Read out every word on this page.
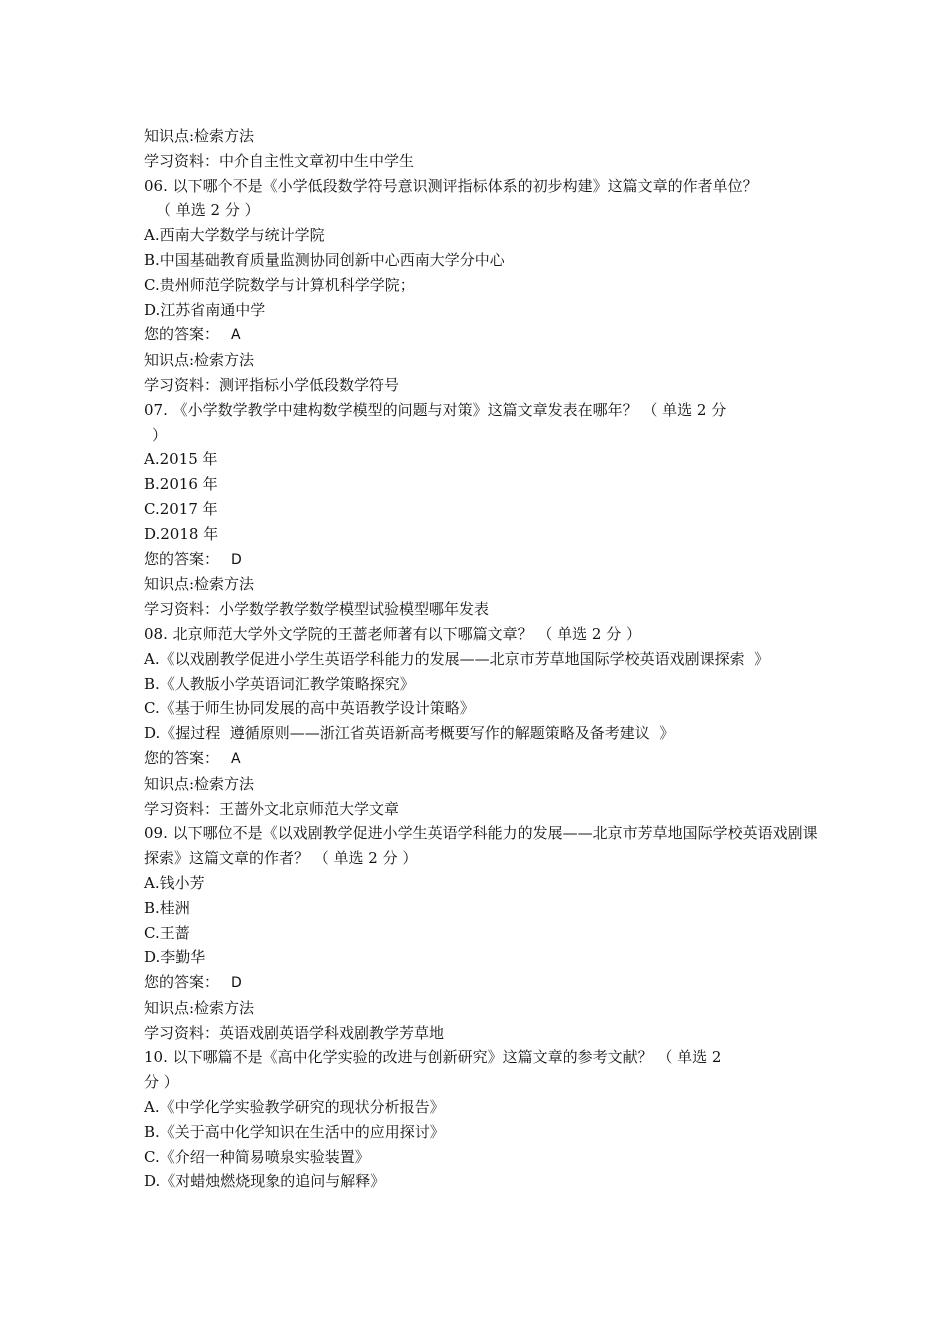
知识点:检索方法
学习资料：中介自主性文章初中生中学生
06. 以下哪个不是《小学低段数学符号意识测评指标体系的初步构建》这篇文章的作者单位？
（ 单选 2 分 ）
A.西南大学数学与统计学院
B.中国基础教育质量监测协同创新中心西南大学分中心
C.贵州师范学院数学与计算机科学学院；
D.江苏省南通中学
您的答案： A
知识点:检索方法
学习资料：测评指标小学低段数学符号
07. 《小学数学教学中建构数学模型的问题与对策》这篇文章发表在哪年？ （ 单选 2 分
）
A.2015 年
B.2016 年
C.2017 年
D.2018 年
您的答案： D
知识点:检索方法
学习资料：小学数学教学数学模型试验模型哪年发表
08. 北京师范大学外文学院的王蔷老师著有以下哪篇文章？ （ 单选 2 分 ）
A.《以戏剧教学促进小学生英语学科能力的发展——北京市芳草地国际学校英语戏剧课探索  》
B.《人教版小学英语词汇教学策略探究》
C.《基于师生协同发展的高中英语教学设计策略》
D.《握过程  遵循原则——浙江省英语新高考概要写作的解题策略及备考建议  》
您的答案： A
知识点:检索方法
学习资料：王蔷外文北京师范大学文章
09. 以下哪位不是《以戏剧教学促进小学生英语学科能力的发展——北京市芳草地国际学校英语戏剧课探索》这篇文章的作者？ （ 单选 2 分 ）
A.钱小芳
B.桂洲
C.王蔷
D.李勤华
您的答案： D
知识点:检索方法
学习资料：英语戏剧英语学科戏剧教学芳草地
10. 以下哪篇不是《高中化学实验的改进与创新研究》这篇文章的参考文献？ （ 单选 2
分 ）
A.《中学化学实验教学研究的现状分析报告》
B.《关于高中化学知识在生活中的应用探讨》
C.《介绍一种简易喷泉实验装置》
D.《对蜡烛燃烧现象的追问与解释》
